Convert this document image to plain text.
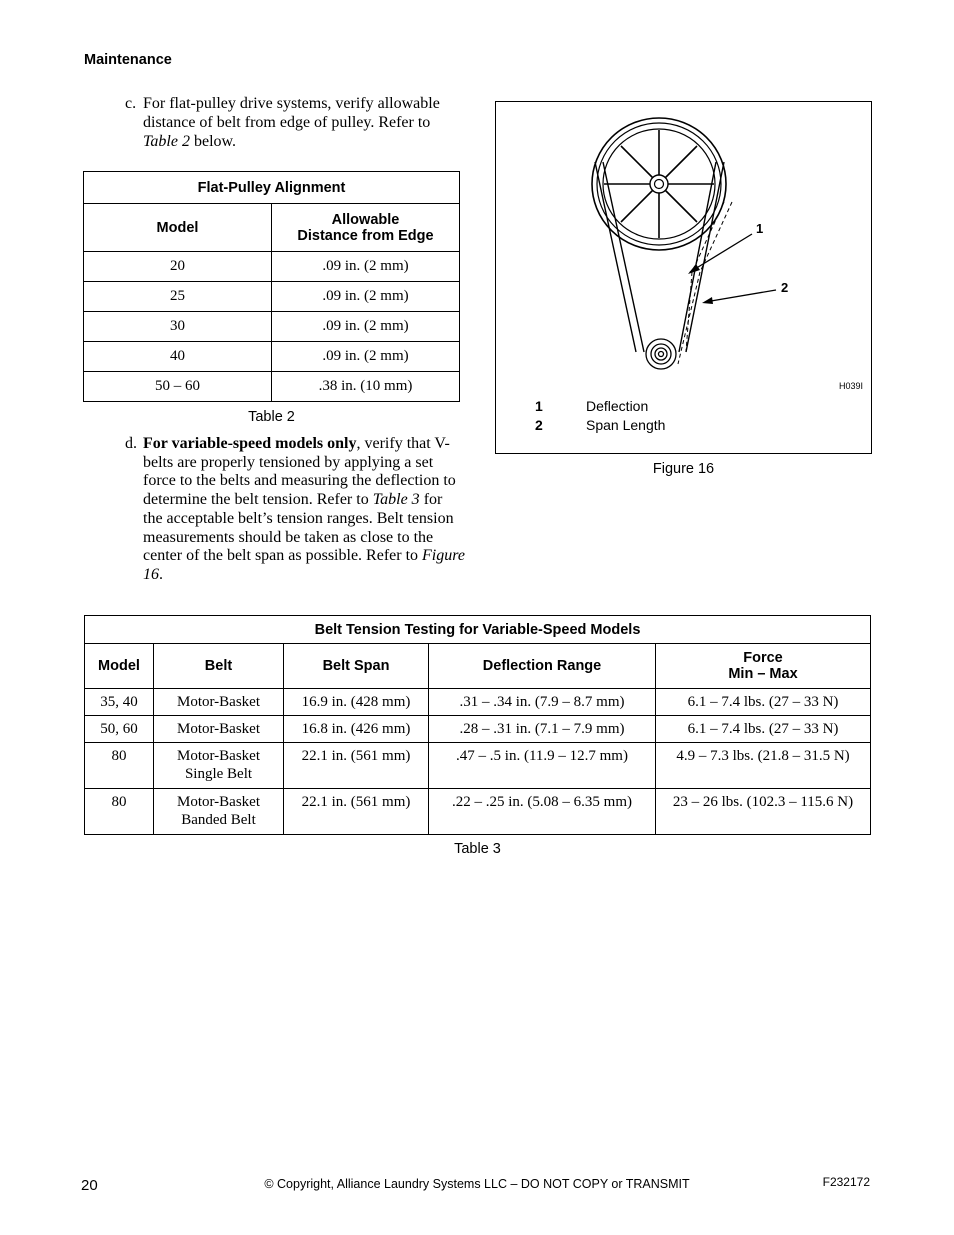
Maintenance
c. For flat-pulley drive systems, verify allowable distance of belt from edge of pulley. Refer to Table 2 below.
Flat-Pulley Alignment	
Model	Allowable
Distance from Edge
20	.09 in. (2 mm)
25	.09 in. (2 mm)
30	.09 in. (2 mm)
40	.09 in. (2 mm)
50 – 60	.38 in. (10 mm)
Table 2
d. For variable-speed models only, verify that V-belts are properly tensioned by applying a set force to the belts and measuring the deflection to determine the belt tension. Refer to Table 3 for the acceptable belt’s tension ranges. Belt tension measurements should be taken as close to the center of the belt span as possible. Refer to Figure 16.
1
2
H039I
1	Deflection
2	Span Length
Figure 16
Belt Tension Testing for Variable-Speed Models				
Model	Belt	Belt Span	Deflection Range	Force
Min – Max
35, 40	Motor-Basket	16.9 in. (428 mm)	.31 – .34 in. (7.9 – 8.7 mm)	6.1 – 7.4 lbs. (27 – 33 N)
50, 60	Motor-Basket	16.8 in. (426 mm)	.28 – .31 in. (7.1 – 7.9 mm)	6.1 – 7.4 lbs. (27 – 33 N)
80	Motor-Basket
Single Belt	22.1 in. (561 mm)	.47 – .5 in. (11.9 – 12.7 mm)	4.9 – 7.3 lbs. (21.8 – 31.5 N)
80	Motor-Basket
Banded Belt	22.1 in. (561 mm)	.22 – .25 in. (5.08 – 6.35 mm)	23 – 26 lbs. (102.3 – 115.6 N)
Table 3
20	© Copyright, Alliance Laundry Systems LLC – DO NOT COPY or TRANSMIT	F232172
